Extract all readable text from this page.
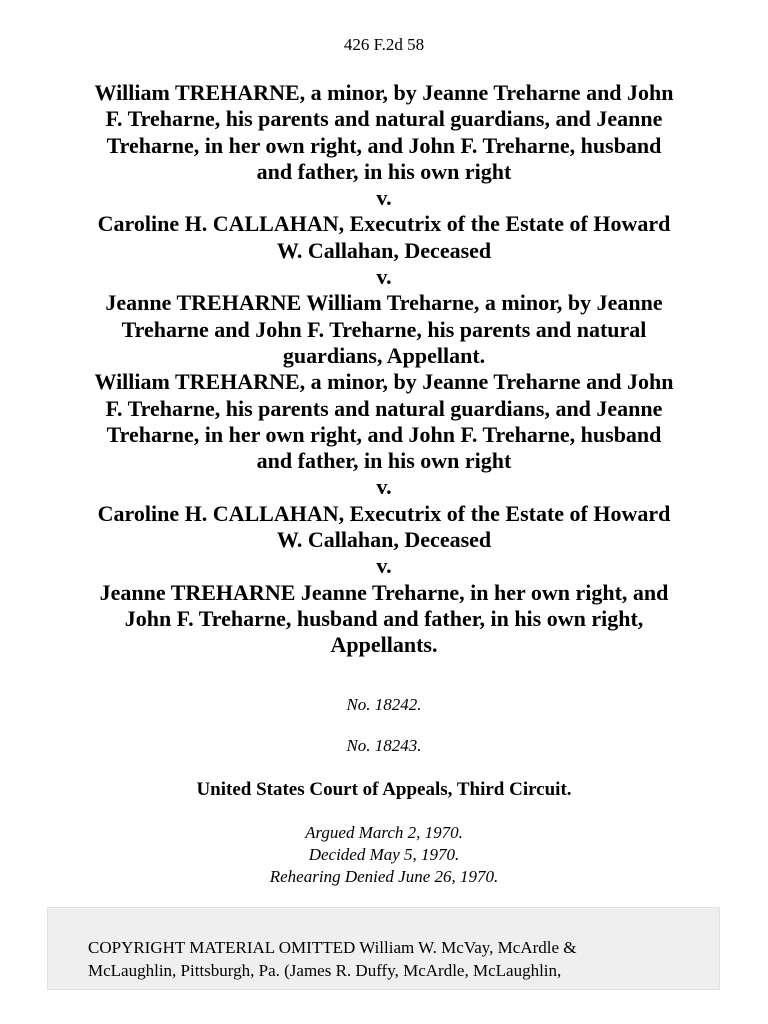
426 F.2d 58
William TREHARNE, a minor, by Jeanne Treharne and John
F. Treharne, his parents and natural guardians, and Jeanne
Treharne, in her own right, and John F. Treharne, husband
and father, in his own right
v.
Caroline H. CALLAHAN, Executrix of the Estate of Howard
W. Callahan, Deceased
v.
Jeanne TREHARNE William Treharne, a minor, by Jeanne
Treharne and John F. Treharne, his parents and natural
guardians, Appellant.
William TREHARNE, a minor, by Jeanne Treharne and John
F. Treharne, his parents and natural guardians, and Jeanne
Treharne, in her own right, and John F. Treharne, husband
and father, in his own right
v.
Caroline H. CALLAHAN, Executrix of the Estate of Howard
W. Callahan, Deceased
v.
Jeanne TREHARNE Jeanne Treharne, in her own right, and
John F. Treharne, husband and father, in his own right,
Appellants.
No. 18242.
No. 18243.
United States Court of Appeals, Third Circuit.
Argued March 2, 1970.
Decided May 5, 1970.
Rehearing Denied June 26, 1970.
COPYRIGHT MATERIAL OMITTED William W. McVay, McArdle &
McLaughlin, Pittsburgh, Pa. (James R. Duffy, McArdle, McLaughlin,
